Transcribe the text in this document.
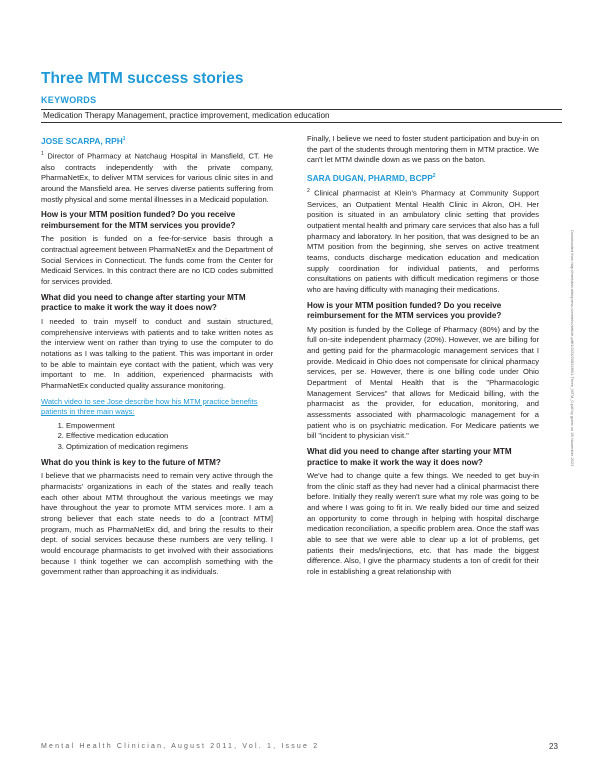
Three MTM success stories
KEYWORDS
Medication Therapy Management, practice improvement, medication education
JOSE SCARPA, RPH$^1$

$^1$ Director of Pharmacy at Natchaug Hospital in Mansfield, CT. He also contracts independently with the private company, PharmaNetEx, to deliver MTM services for various clinic sites in and around the Mansfield area. He serves diverse patients suffering from mostly physical and some mental illnesses in a Medicaid population.

How is your MTM position funded? Do you receive reimbursement for the MTM services you provide?

The position is funded on a fee-for-service basis through a contractual agreement between PharmaNetEx and the Department of Social Services in Connecticut. The funds come from the Center for Medicaid Services. In this contract there are no ICD codes submitted for services provided.

What did you need to change after starting your MTM practice to make it work the way it does now?

I needed to train myself to conduct and sustain structured, comprehensive interviews with patients and to take written notes as the interview went on rather than trying to use the computer to do notations as I was talking to the patient. This was important in order to be able to maintain eye contact with the patient, which was very important to me. In addition, experienced pharmacists with PharmaNetEx conducted quality assurance monitoring.

Watch video to see Jose describe how his MTM practice benefits patients in three main ways:
1. Empowerment
2. Effective medication education
3. Optimization of medication regimens
What do you think is key to the future of MTM?

I believe that we pharmacists need to remain very active through the pharmacists' organizations in each of the states and really teach each other about MTM throughout the various meetings we may have throughout the year to promote MTM services more. I am a strong believer that each state needs to do a [contract MTM] program, much as PharmaNetEx did, and bring the results to their dept. of social services because these numbers are very telling. I would encourage pharmacists to get involved with their associations because I think together we can accomplish something with the government rather than approaching it as individuals.

Finally, I believe we need to foster student participation and buy-in on the part of the students through mentoring them in MTM practice. We can't let MTM dwindle down as we pass on the baton.

SARA DUGAN, PHARMD, BCPP$^2$

$^2$ Clinical pharmacist at Klein's Pharmacy at Community Support Services, an Outpatient Mental Health Clinic in Akron, OH. Her position is situated in an ambulatory clinic setting that provides outpatient mental health and primary care services that also has a full pharmacy and laboratory. In her position, that was designed to be an MTM position from the beginning, she serves on active treatment teams, conducts discharge medication education and medication supply coordination for individual patients, and performs consultations on patients with difficult medication regimens or those who are having difficulty with managing their medications.

How is your MTM position funded? Do you receive reimbursement for the MTM services you provide?

My position is funded by the College of Pharmacy (80%) and by the full on-site independent pharmacy (20%). However, we are billing for and getting paid for the pharmacologic management services that I provide. Medicaid in Ohio does not compensate for clinical pharmacy services, per se. However, there is one billing code under Ohio Department of Mental Health that is the "Pharmacologic Management Services" that allows for Medicaid billing, with the pharmacist as the provider, for education, monitoring, and assessments associated with pharmacologic management for a patient who is on psychiatric medication. For Medicare patients we bill "incident to physician visit."

What did you need to change after starting your MTM practice to make it work the way it does now?

We've had to change quite a few things. We needed to get buy-in from the clinic staff as they had never had a clinical pharmacist there before. Initially they really weren't sure what my role was going to be and where I was going to fit in. We really bided our time and seized an opportunity to come through in helping with hospital discharge medication reconciliation, a specific problem area. Once the staff was able to see that we were able to clear up a lot of problems, get patients their meds/injections, etc. that has made the biggest difference. Also, I give the pharmacy students a ton of credit for their role in establishing a great relationship with

Downloaded from http://meridian.allenpress.com/mhc/article-pdf/1/2/23/2083280/1.Three_MTM_0.pdf by guest on 28 November 2023
Mental Health Clinician, August 2011, Vol. 1, Issue 2	23
